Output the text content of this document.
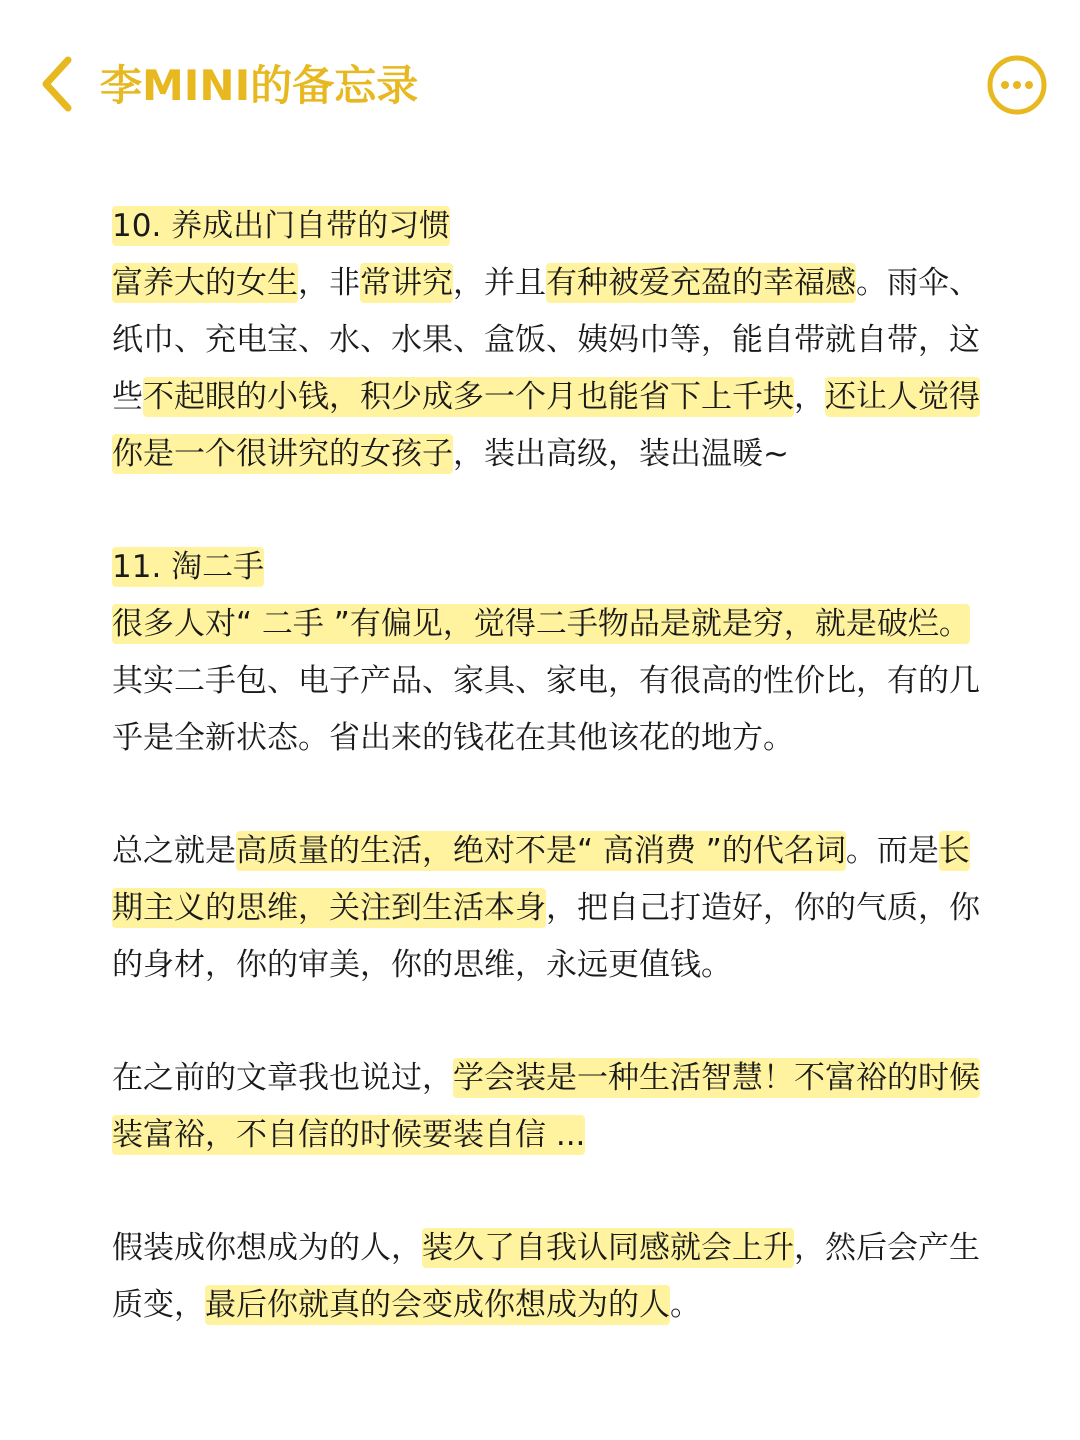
李MINI的备忘录

10. 养成出门自带的习惯

富养大的女生，非常讲究，并且有种被爱充盈的幸福感。雨伞、纸巾、充电宝、水、水果、盒饭、姨妈巾等，能自带就自带，这些不起眼的小钱，积少成多一个月也能省下上千块，还让人觉得你是一个很讲究的女孩子，装出高级，装出温暖~

11. 淘二手

很多人对“ 二手 ”有偏见，觉得二手物品是就是穷，就是破烂。其实二手包、电子产品、家具、家电，有很高的性价比，有的几乎是全新状态。省出来的钱花在其他该花的地方。

总之就是高质量的生活，绝对不是“ 高消费 ”的代名词。而是长期主义的思维，关注到生活本身，把自己打造好，你的气质，你的身材，你的审美，你的思维，永远更值钱。

在之前的文章我也说过，学会装是一种生活智慧！不富裕的时候装富裕，不自信的时候要装自信 ...

假装成你想成为的人，装久了自我认同感就会上升，然后会产生质变，最后你就真的会变成你想成为的人。
